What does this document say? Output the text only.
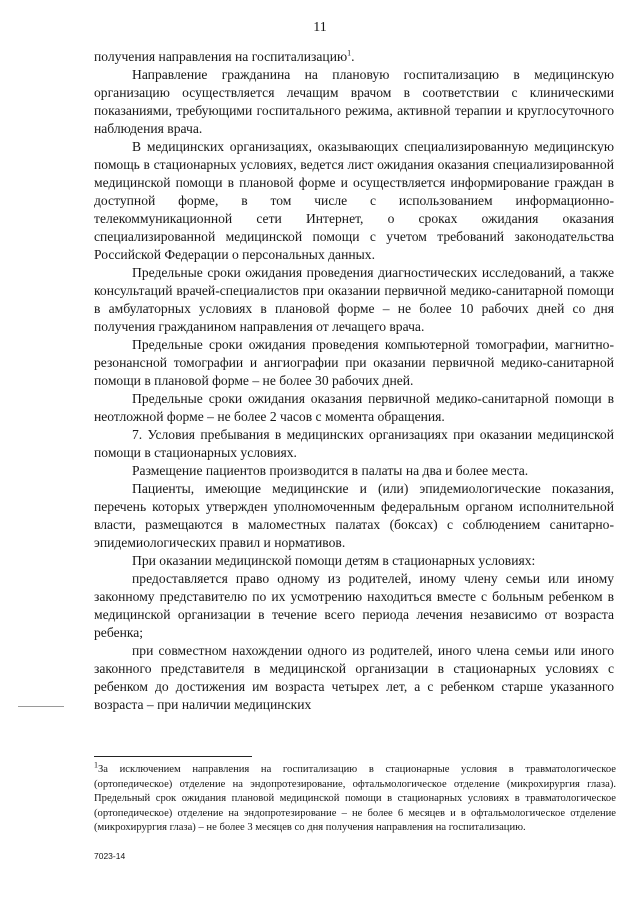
11

получения направления на госпитализацию$^1$.

Направление гражданина на плановую госпитализацию в медицинскую организацию осуществляется лечащим врачом в соответствии с клиническими показаниями, требующими госпитального режима, активной терапии и круглосуточного наблюдения врача.

В медицинских организациях, оказывающих специализированную медицинскую помощь в стационарных условиях, ведется лист ожидания оказания специализированной медицинской помощи в плановой форме и осуществляется информирование граждан в доступной форме, в том числе с использованием информационно-телекоммуникационной сети Интернет, о сроках ожидания оказания специализированной медицинской помощи с учетом требований законодательства Российской Федерации о персональных данных.

Предельные сроки ожидания проведения диагностических исследований, а также консультаций врачей-специалистов при оказании первичной медико-санитарной помощи в амбулаторных условиях в плановой форме – не более 10 рабочих дней со дня получения гражданином направления от лечащего врача.

Предельные сроки ожидания проведения компьютерной томографии, магнитно-резонансной томографии и ангиографии при оказании первичной медико-санитарной помощи в плановой форме – не более 30 рабочих дней.

Предельные сроки ожидания оказания первичной медико-санитарной помощи в неотложной форме – не более 2 часов с момента обращения.

7. Условия пребывания в медицинских организациях при оказании медицинской помощи в стационарных условиях.

Размещение пациентов производится в палаты на два и более места.

Пациенты, имеющие медицинские и (или) эпидемиологические показания, перечень которых утвержден уполномоченным федеральным органом исполнительной власти, размещаются в маломестных палатах (боксах) с соблюдением санитарно-эпидемиологических правил и нормативов.

При оказании медицинской помощи детям в стационарных условиях:

предоставляется право одному из родителей, иному члену семьи или иному законному представителю по их усмотрению находиться вместе с больным ребенком в медицинской организации в течение всего периода лечения независимо от возраста ребенка;

при совместном нахождении одного из родителей, иного члена семьи или иного законного представителя в медицинской организации в стационарных условиях с ребенком до достижения им возраста четырех лет, а с ребенком старше указанного возраста – при наличии медицинских

$^1$За исключением направления на госпитализацию в стационарные условия в травматологическое (ортопедическое) отделение на эндопротезирование, офтальмологическое отделение (микрохирургия глаза). Предельный срок ожидания плановой медицинской помощи в стационарных условиях в травматологическое (ортопедическое) отделение на эндопротезирование – не более 6 месяцев и в офтальмологическое отделение (микрохирургия глаза) – не более 3 месяцев со дня получения направления на госпитализацию.

7023-14
